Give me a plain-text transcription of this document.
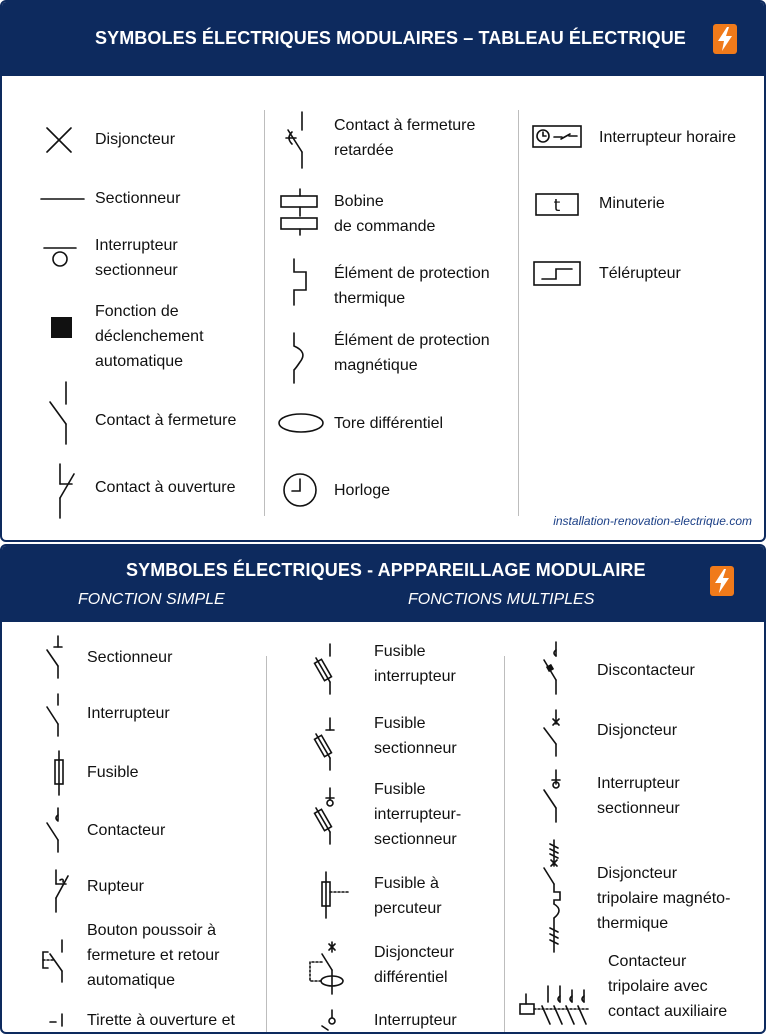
SYMBOLES ÉLECTRIQUES MODULAIRES – TABLEAU ÉLECTRIQUE
Disjoncteur
Sectionneur
Interrupteur
sectionneur
Fonction de
déclenchement
automatique
Contact à fermeture
Contact à ouverture
Contact à fermeture
retardée
Bobine
de commande
Élément de protection
thermique
Élément de protection
magnétique
Tore différentiel
Horloge
Interrupteur horaire
t Minuterie
Télérupteur
installation-renovation-electrique.com
SYMBOLES ÉLECTRIQUES - APPPAREILLAGE MODULAIRE
FONCTION SIMPLE	FONCTIONS MULTIPLES
Sectionneur
Interrupteur
Fusible
Contacteur
Rupteur
Bouton poussoir à
fermeture et retour
automatique
Tirette à ouverture et
Fusible
interrupteur
Fusible
sectionneur
Fusible
interrupteur-
sectionneur
Fusible à
percuteur
Disjoncteur
différentiel
Interrupteur
Discontacteur
Disjoncteur
Interrupteur
sectionneur
Disjoncteur
tripolaire magnéto-
thermique
Contacteur
tripolaire avec
contact auxiliaire
